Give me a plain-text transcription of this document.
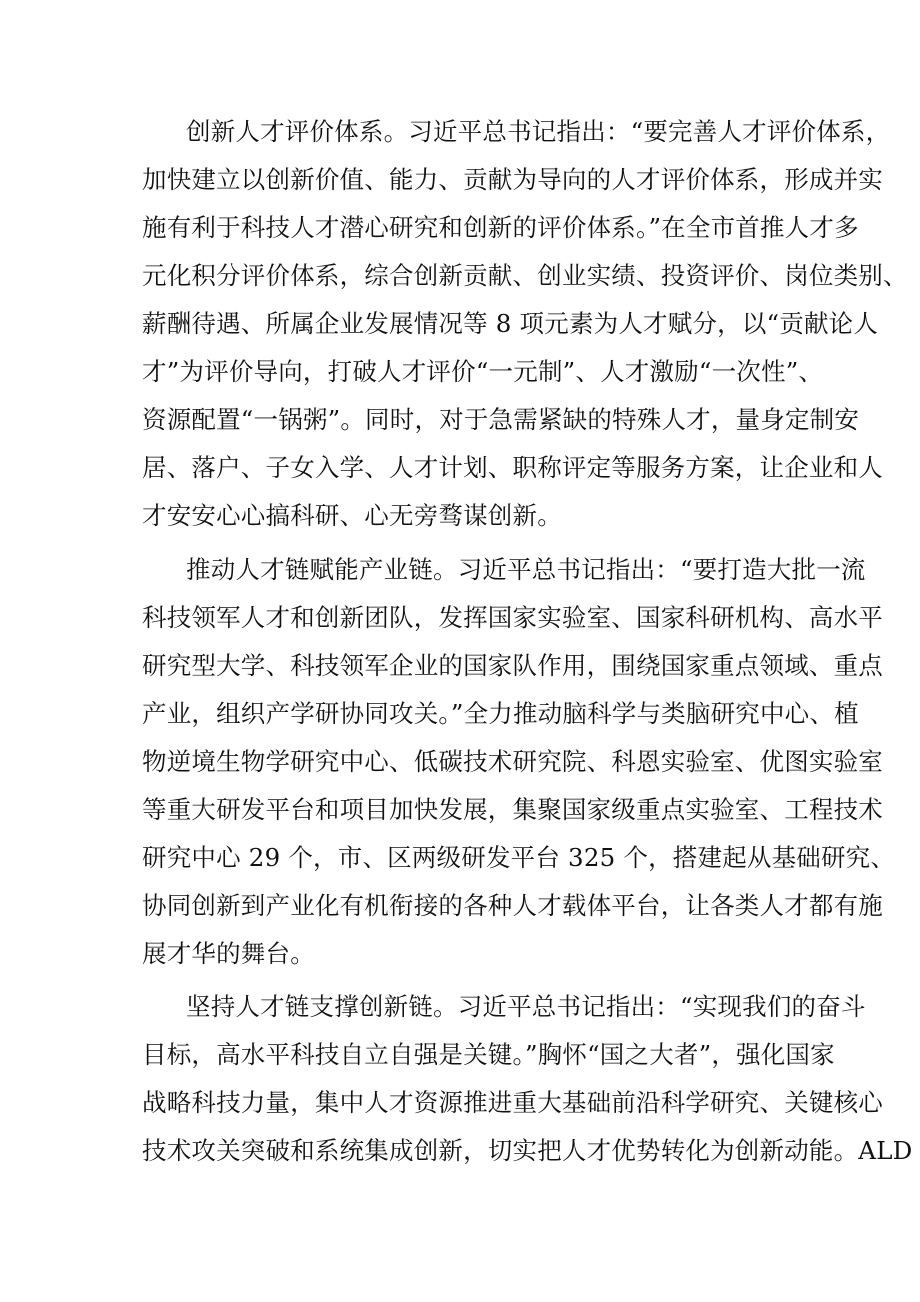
创新人才评价体系。习近平总书记指出：“要完善人才评价体系，
加快建立以创新价值、能力、贡献为导向的人才评价体系，形成并实
施有利于科技人才潜心研究和创新的评价体系。”在全市首推人才多
元化积分评价体系，综合创新贡献、创业实绩、投资评价、岗位类别、
薪酬待遇、所属企业发展情况等 8 项元素为人才赋分，以“贡献论人
才”为评价导向，打破人才评价“一元制”、人才激励“一次性”、
资源配置“一锅粥”。同时，对于急需紧缺的特殊人才，量身定制安
居、落户、子女入学、人才计划、职称评定等服务方案，让企业和人
才安安心心搞科研、心无旁骛谋创新。
推动人才链赋能产业链。习近平总书记指出：“要打造大批一流
科技领军人才和创新团队，发挥国家实验室、国家科研机构、高水平
研究型大学、科技领军企业的国家队作用，围绕国家重点领域、重点
产业，组织产学研协同攻关。”全力推动脑科学与类脑研究中心、植
物逆境生物学研究中心、低碳技术研究院、科恩实验室、优图实验室
等重大研发平台和项目加快发展，集聚国家级重点实验室、工程技术
研究中心 29 个，市、区两级研发平台 325 个，搭建起从基础研究、
协同创新到产业化有机衔接的各种人才载体平台，让各类人才都有施
展才华的舞台。
坚持人才链支撑创新链。习近平总书记指出：“实现我们的奋斗
目标，高水平科技自立自强是关键。”胸怀“国之大者”，强化国家
战略科技力量，集中人才资源推进重大基础前沿科学研究、关键核心
技术攻关突破和系统集成创新，切实把人才优势转化为创新动能。ALD
